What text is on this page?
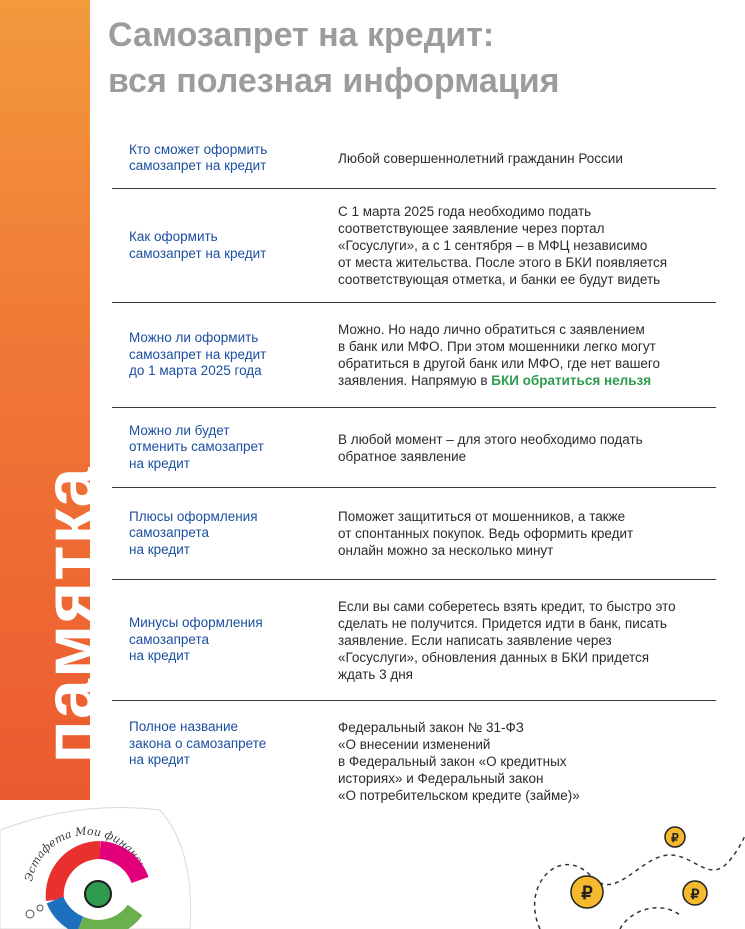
памятка
Самозапрет на кредит:
вся полезная информация
Кто сможет оформить
самозапрет на кредит	Любой совершеннолетний гражданин России
Как оформить
самозапрет на кредит
С 1 марта 2025 года необходимо подать
соответствующее заявление через портал
«Госуслуги», а с 1 сентября – в МФЦ независимо
от места жительства. После этого в БКИ появляется
соответствующая отметка, и банки ее будут видеть
Можно ли оформить
самозапрет на кредит
до 1 марта 2025 года
Можно. Но надо лично обратиться с заявлением
в банк или МФО. При этом мошенники легко могут
обратиться в другой банк или МФО, где нет вашего
заявления. Напрямую в БКИ обратиться нельзя
Можно ли будет
отменить самозапрет
на кредит
В любой момент – для этого необходимо подать
обратное заявление
Плюсы оформления
самозапрета
на кредит
Поможет защититься от мошенников, а также
от спонтанных покупок. Ведь оформить кредит
онлайн можно за несколько минут
Минусы оформления
самозапрета
на кредит
Если вы сами соберетесь взять кредит, то быстро это
сделать не получится. Придется идти в банк, писать
заявление. Если написать заявление через
«Госуслуги», обновления данных в БКИ придется
ждать 3 дня
Полное название
закона о самозапрете
на кредит
Федеральный закон № 31-ФЗ
«О внесении изменений
в Федеральный закон «О кредитных
историях» и Федеральный закон
«О потребительском кредите (займе)»
Эстафета Мои финансы
₽
₽	₽
